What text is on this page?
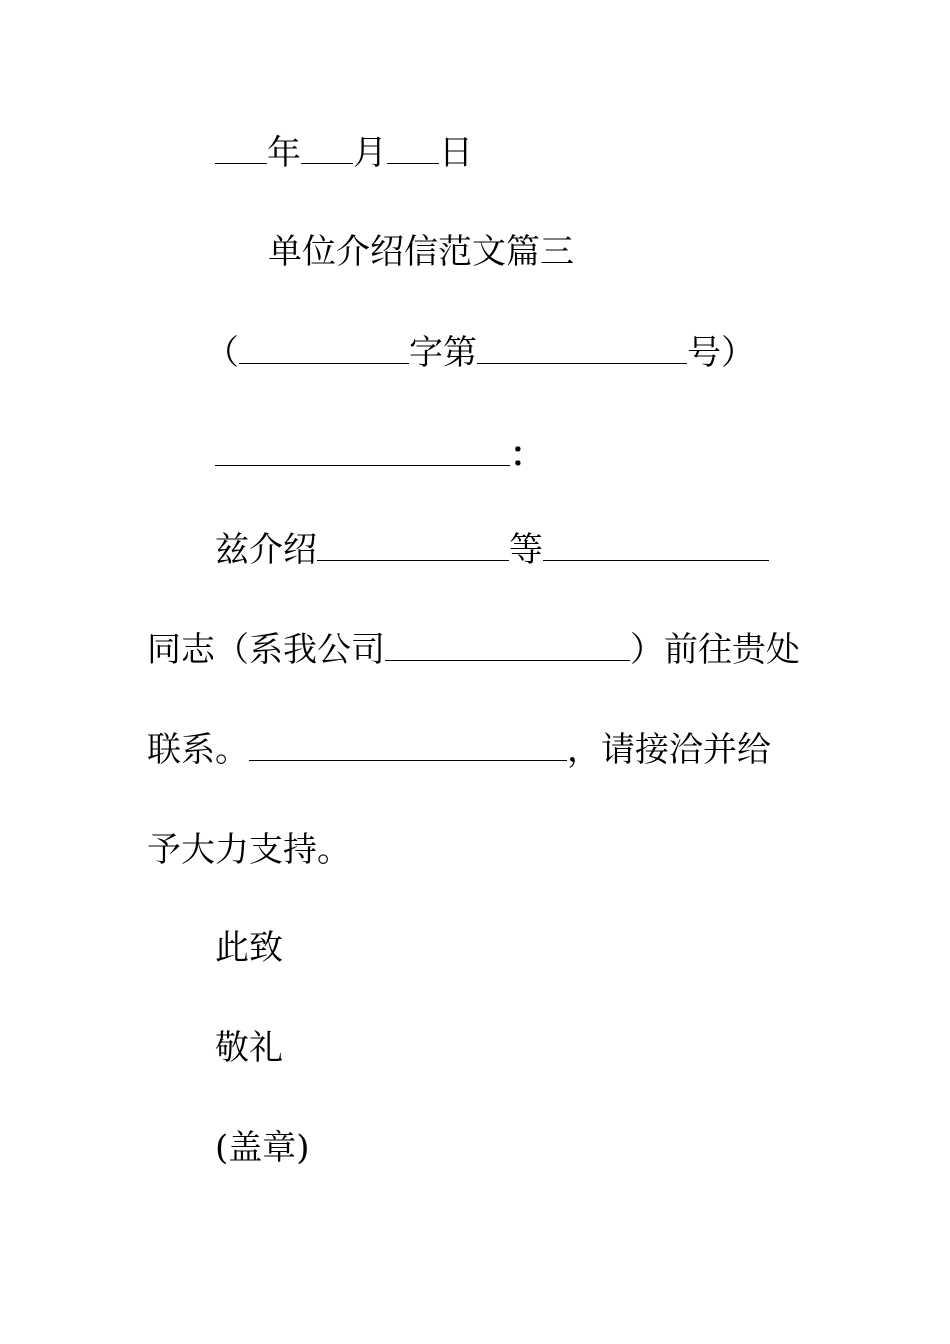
年 月 日
单位介绍信范文篇三
（	字第	号）
：
兹介绍	等
同志（系我公司	）前往贵处
联系。	，请接洽并给
予大力支持。
此致
敬礼
(盖章)
